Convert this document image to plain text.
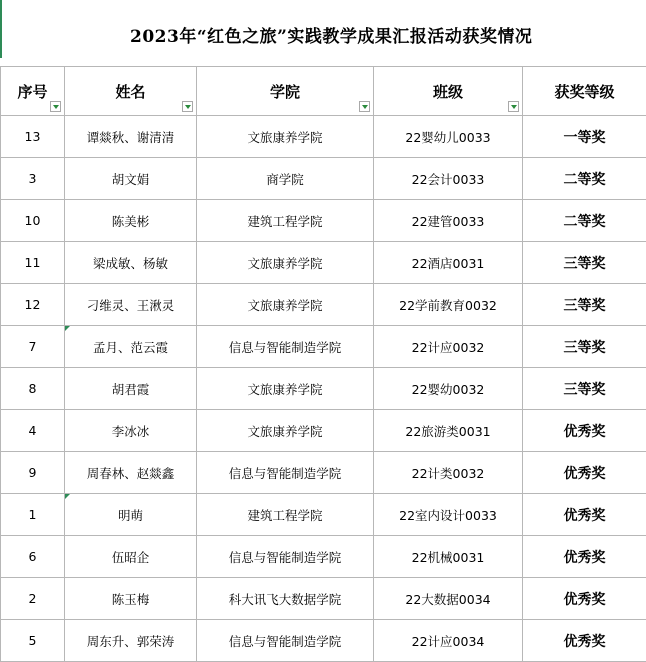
2023年“红色之旅”实践教学成果汇报活动获奖情况
序号	姓名	学院	班级	获奖等级
13	谭燚秋、谢清清	文旅康养学院	22婴幼儿0033	一等奖
3	胡文娟	商学院	22会计0033	二等奖
10	陈美彬	建筑工程学院	22建管0033	二等奖
11	梁成敏、杨敏	文旅康养学院	22酒店0031	三等奖
12	刁维灵、王湫灵	文旅康养学院	22学前教育0032	三等奖
7	孟月、范云霞	信息与智能制造学院	22计应0032	三等奖
8	胡君霞	文旅康养学院	22婴幼0032	三等奖
4	李冰冰	文旅康养学院	22旅游类0031	优秀奖
9	周春林、赵燚鑫	信息与智能制造学院	22计类0032	优秀奖
1	明萌	建筑工程学院	22室内设计0033	优秀奖
6	伍昭企	信息与智能制造学院	22机械0031	优秀奖
2	陈玉梅	科大讯飞大数据学院	22大数据0034	优秀奖
5	周东升、郭荣涛	信息与智能制造学院	22计应0034	优秀奖
